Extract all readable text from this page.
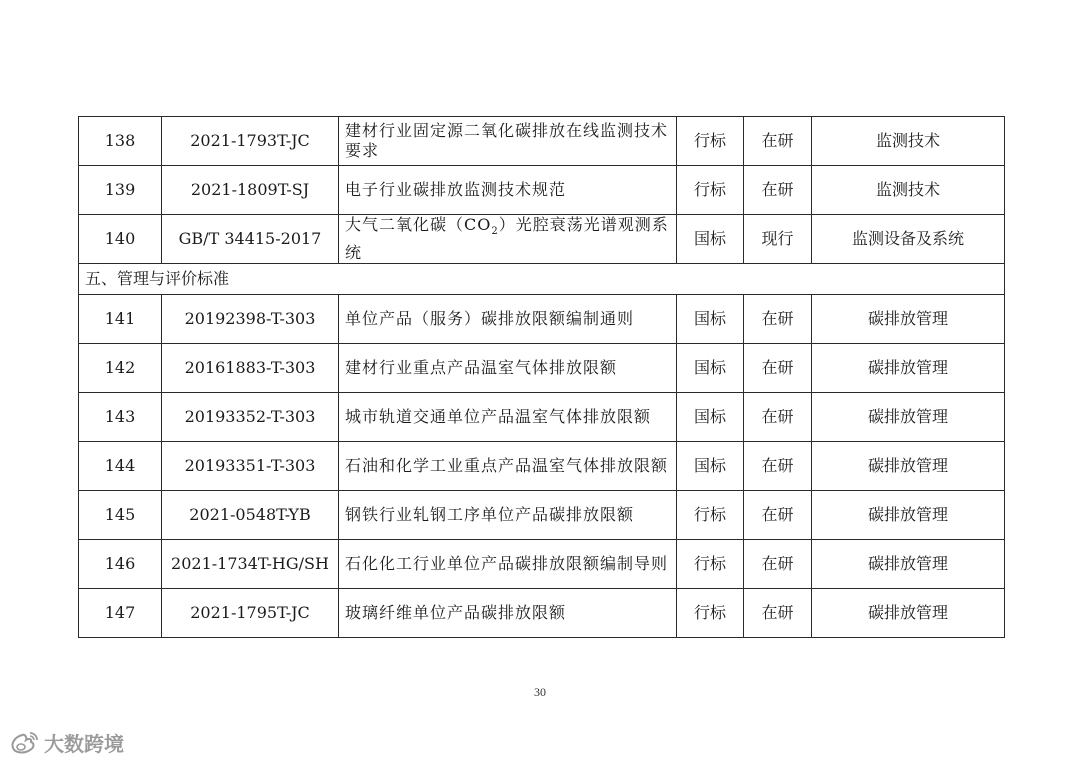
138	2021-1793T-JC	建材行业固定源二氧化碳排放在线监测技术要求	行标	在研	监测技术
139	2021-1809T-SJ	电子行业碳排放监测技术规范	行标	在研	监测技术
140	GB/T 34415-2017	大气二氧化碳$(CO_2)$光腔衰荡光谱观测系统	国标	现行	监测设备及系统
五、管理与评价标准					
141	20192398-T-303	单位产品（服务）碳排放限额编制通则	国标	在研	碳排放管理
142	20161883-T-303	建材行业重点产品温室气体排放限额	国标	在研	碳排放管理
143	20193352-T-303	城市轨道交通单位产品温室气体排放限额	国标	在研	碳排放管理
144	20193351-T-303	石油和化学工业重点产品温室气体排放限额	国标	在研	碳排放管理
145	2021-0548T-YB	钢铁行业轧钢工序单位产品碳排放限额	行标	在研	碳排放管理
146	2021-1734T-HG/SH	石化化工行业单位产品碳排放限额编制导则	行标	在研	碳排放管理
147	2021-1795T-JC	玻璃纤维单位产品碳排放限额	行标	在研	碳排放管理
30
大数跨境
